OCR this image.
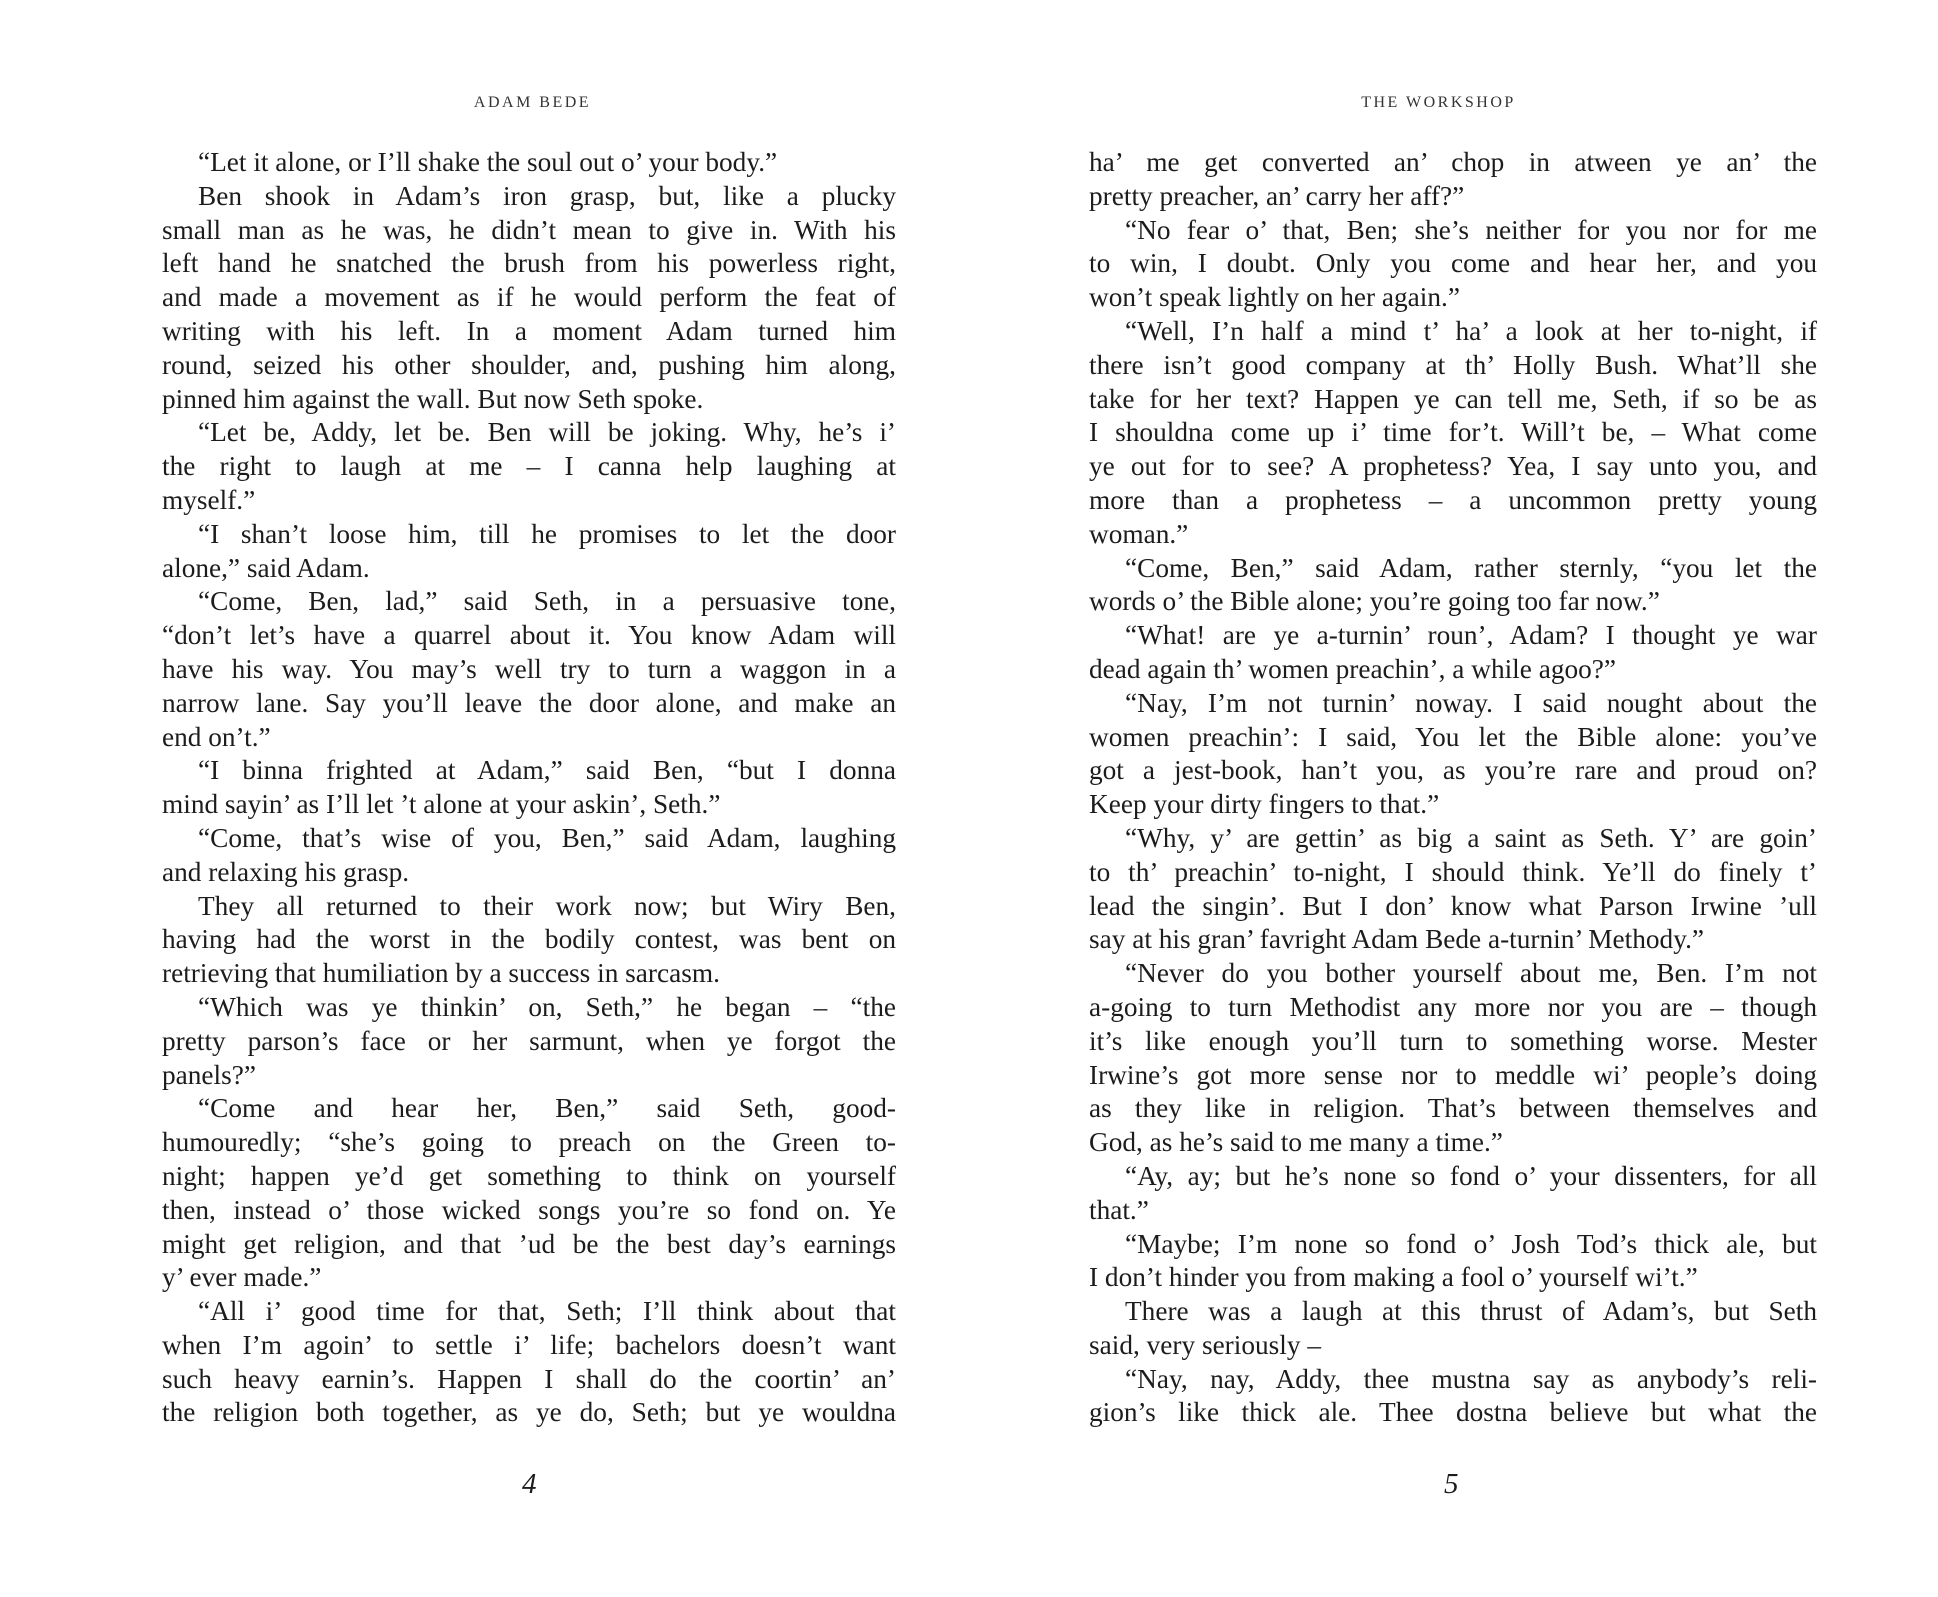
ADAM BEDE
“Let it alone, or I’ll shake the soul out o’ your body.”
Ben shook in Adam’s iron grasp, but, like a plucky
small man as he was, he didn’t mean to give in. With his
left hand he snatched the brush from his powerless right,
and made a movement as if he would perform the feat of
writing with his left. In a moment Adam turned him
round, seized his other shoulder, and, pushing him along,
pinned him against the wall. But now Seth spoke.
“Let be, Addy, let be. Ben will be joking. Why, he’s i’
the right to laugh at me – I canna help laughing at
myself.”
“I shan’t loose him, till he promises to let the door
alone,” said Adam.
“Come, Ben, lad,” said Seth, in a persuasive tone,
“don’t let’s have a quarrel about it. You know Adam will
have his way. You may’s well try to turn a waggon in a
narrow lane. Say you’ll leave the door alone, and make an
end on’t.”
“I binna frighted at Adam,” said Ben, “but I donna
mind sayin’ as I’ll let ’t alone at your askin’, Seth.”
“Come, that’s wise of you, Ben,” said Adam, laughing
and relaxing his grasp.
They all returned to their work now; but Wiry Ben,
having had the worst in the bodily contest, was bent on
retrieving that humiliation by a success in sarcasm.
“Which was ye thinkin’ on, Seth,” he began – “the
pretty parson’s face or her sarmunt, when ye forgot the
panels?”
“Come and hear her, Ben,” said Seth, good-
humouredly; “she’s going to preach on the Green to-
night; happen ye’d get something to think on yourself
then, instead o’ those wicked songs you’re so fond on. Ye
might get religion, and that ’ud be the best day’s earnings
y’ ever made.”
“All i’ good time for that, Seth; I’ll think about that
when I’m agoin’ to settle i’ life; bachelors doesn’t want
such heavy earnin’s. Happen I shall do the coortin’ an’
the religion both together, as ye do, Seth; but ye wouldna
4
THE WORKSHOP
ha’ me get converted an’ chop in atween ye an’ the
pretty preacher, an’ carry her aff?”
“No fear o’ that, Ben; she’s neither for you nor for me
to win, I doubt. Only you come and hear her, and you
won’t speak lightly on her again.”
“Well, I’n half a mind t’ ha’ a look at her to-night, if
there isn’t good company at th’ Holly Bush. What’ll she
take for her text? Happen ye can tell me, Seth, if so be as
I shouldna come up i’ time for’t. Will’t be, – What come
ye out for to see? A prophetess? Yea, I say unto you, and
more than a prophetess – a uncommon pretty young
woman.”
“Come, Ben,” said Adam, rather sternly, “you let the
words o’ the Bible alone; you’re going too far now.”
“What! are ye a-turnin’ roun’, Adam? I thought ye war
dead again th’ women preachin’, a while agoo?”
“Nay, I’m not turnin’ noway. I said nought about the
women preachin’: I said, You let the Bible alone: you’ve
got a jest-book, han’t you, as you’re rare and proud on?
Keep your dirty fingers to that.”
“Why, y’ are gettin’ as big a saint as Seth. Y’ are goin’
to th’ preachin’ to-night, I should think. Ye’ll do finely t’
lead the singin’. But I don’ know what Parson Irwine ’ull
say at his gran’ favright Adam Bede a-turnin’ Methody.”
“Never do you bother yourself about me, Ben. I’m not
a-going to turn Methodist any more nor you are – though
it’s like enough you’ll turn to something worse. Mester
Irwine’s got more sense nor to meddle wi’ people’s doing
as they like in religion. That’s between themselves and
God, as he’s said to me many a time.”
“Ay, ay; but he’s none so fond o’ your dissenters, for all
that.”
“Maybe; I’m none so fond o’ Josh Tod’s thick ale, but
I don’t hinder you from making a fool o’ yourself wi’t.”
There was a laugh at this thrust of Adam’s, but Seth
said, very seriously –
“Nay, nay, Addy, thee mustna say as anybody’s reli-
gion’s like thick ale. Thee dostna believe but what the
5
